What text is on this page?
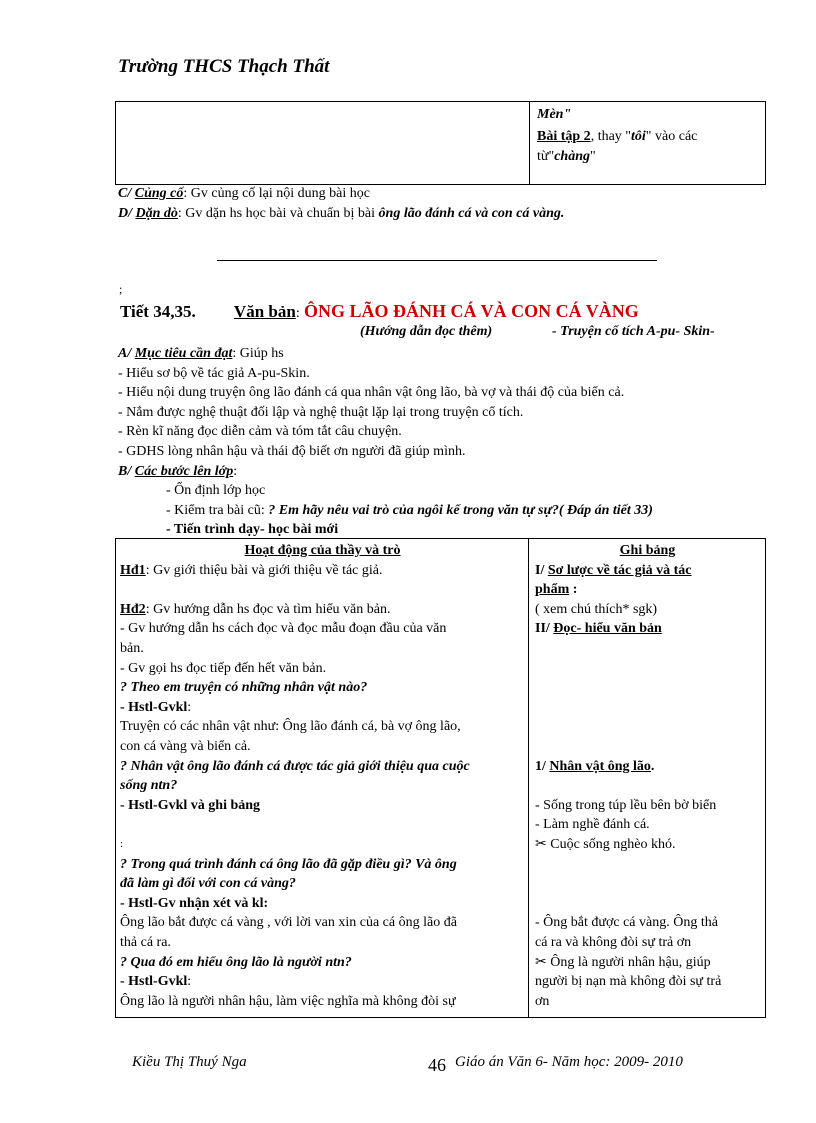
Trường THCS Thạch Thất
Mèn"
Bài tập 2, thay "tôi" vào các
từ"chàng"
C/ Củng cố: Gv củng cố lại nội dung bài học
D/ Dặn dò: Gv dặn hs học bài và chuẩn bị bài ông lão đánh cá và con cá vàng.
;
Tiết 34,35. Văn bản: ÔNG LÃO ĐÁNH CÁ VÀ CON CÁ VÀNG
(Hướng dẫn đọc thêm)	- Truyện cổ tích A-pu- Skin-
A/ Mục tiêu cần đạt: Giúp hs
- Hiểu sơ bộ về tác giả A-pu-Skin.
- Hiểu nội dung truyện ông lão đánh cá qua nhân vật ông lão, bà vợ và thái độ của biển cả.
- Nắm được nghệ thuật đối lập và nghệ thuật lặp lại trong truyện cổ tích.
- Rèn kĩ năng đọc diễn cảm và tóm tắt câu chuyện.
- GDHS lòng nhân hậu và thái độ biết ơn người đã giúp mình.
B/ Các bước lên lớp:
- Ổn định lớp học
- Kiểm tra bài cũ: ? Em hãy nêu vai trò của ngôi kể trong văn tự sự?( Đáp án tiết 33)
- Tiến trình dạy- học bài mới
Hoạt động của thầy và trò
Hđ1: Gv giới thiệu bài và giới thiệu về tác giả.
Hđ2: Gv hướng dẫn hs đọc và tìm hiểu văn bản.
- Gv hướng dẫn hs cách đọc và đọc mẫu đoạn đầu của văn
bản.
- Gv gọi hs đọc tiếp đến hết văn bản.
? Theo em truyện có những nhân vật nào?
- Hstl-Gvkl:
Truyện có các nhân vật như: Ông lão đánh cá, bà vợ ông lão,
con cá vàng và biển cả.
? Nhân vật ông lão đánh cá được tác giả giới thiệu qua cuộc
sống ntn?
- Hstl-Gvkl và ghi bảng
:
? Trong quá trình đánh cá ông lão đã gặp điều gì? Và ông
đã làm gì đối với con cá vàng?
- Hstl-Gv nhận xét và kl:
Ông lão bắt được cá vàng , với lời van xin của cá ông lão đã
thả cá ra.
? Qua đó em hiểu ông lão là người ntn?
- Hstl-Gvkl:
Ông lão là người nhân hậu, làm việc nghĩa mà không đòi sự
Ghi bảng
I/ Sơ lược về tác giả và tác
phẩm :
( xem chú thích* sgk)
II/ Đọc- hiểu văn bản
1/ Nhân vật ông lão.
- Sống trong túp lều bên bờ biển
- Làm nghề đánh cá.
✂ Cuộc sống nghèo khó.
- Ông bắt được cá vàng. Ông thả
cá ra và không đòi sự trả ơn
✂ Ông là người nhân hậu, giúp
người bị nạn mà không đòi sự trả
ơn
Kiều Thị Thuý Nga	46 Giáo án Văn 6- Năm học: 2009- 2010
